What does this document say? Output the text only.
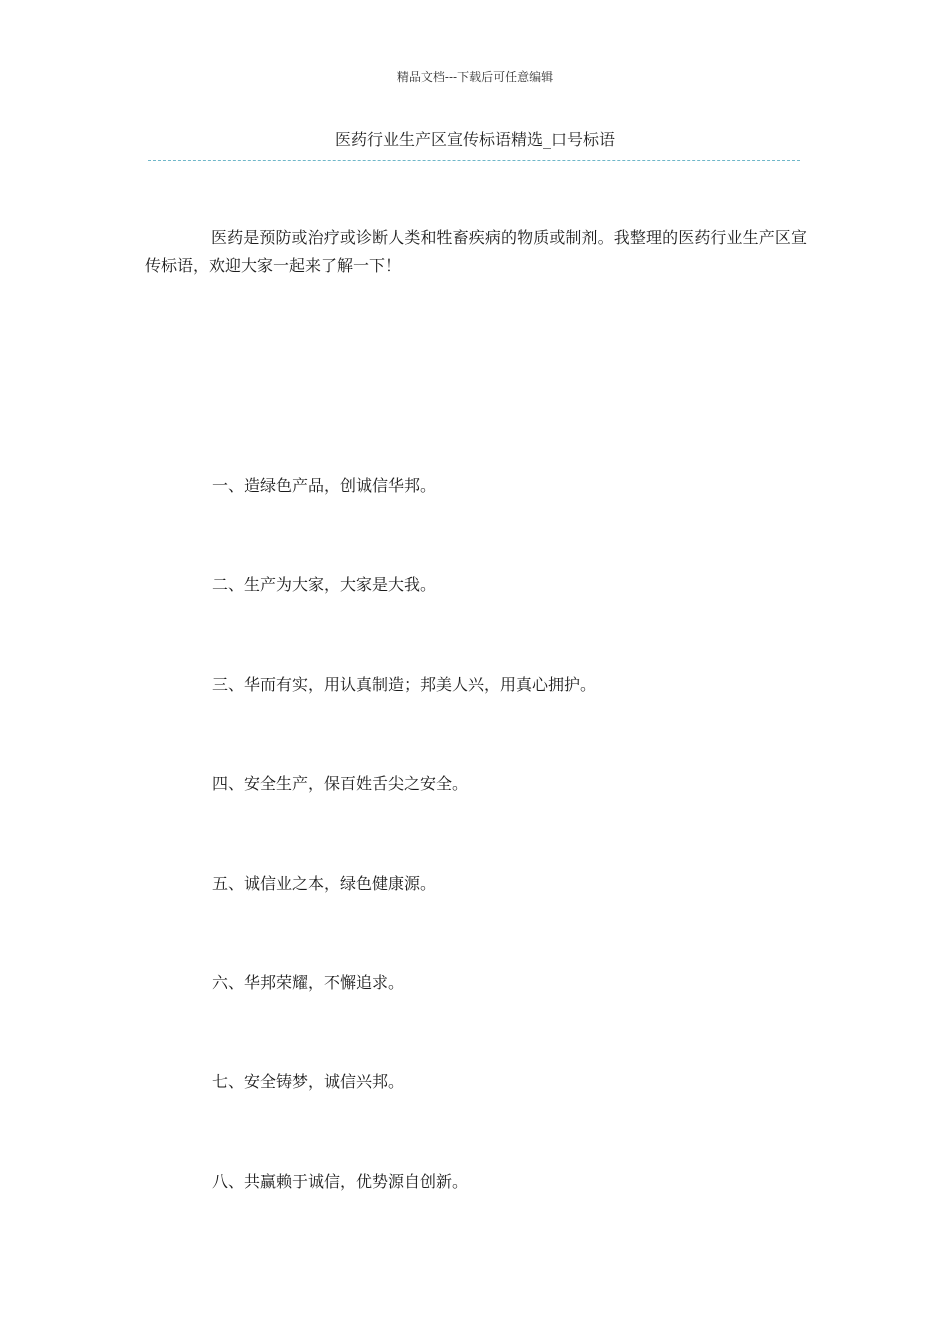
精品文档---下载后可任意编辑
医药行业生产区宣传标语精选_口号标语

医药是预防或治疗或诊断人类和牲畜疾病的物质或制剂。我整理的医药行业生产区宣传标语，欢迎大家一起来了解一下！

一、造绿色产品，创诚信华邦。
二、生产为大家，大家是大我。
三、华而有实，用认真制造；邦美人兴，用真心拥护。
四、安全生产，保百姓舌尖之安全。
五、诚信业之本，绿色健康源。
六、华邦荣耀，不懈追求。
七、安全铸梦，诚信兴邦。
八、共赢赖于诚信，优势源自创新。
